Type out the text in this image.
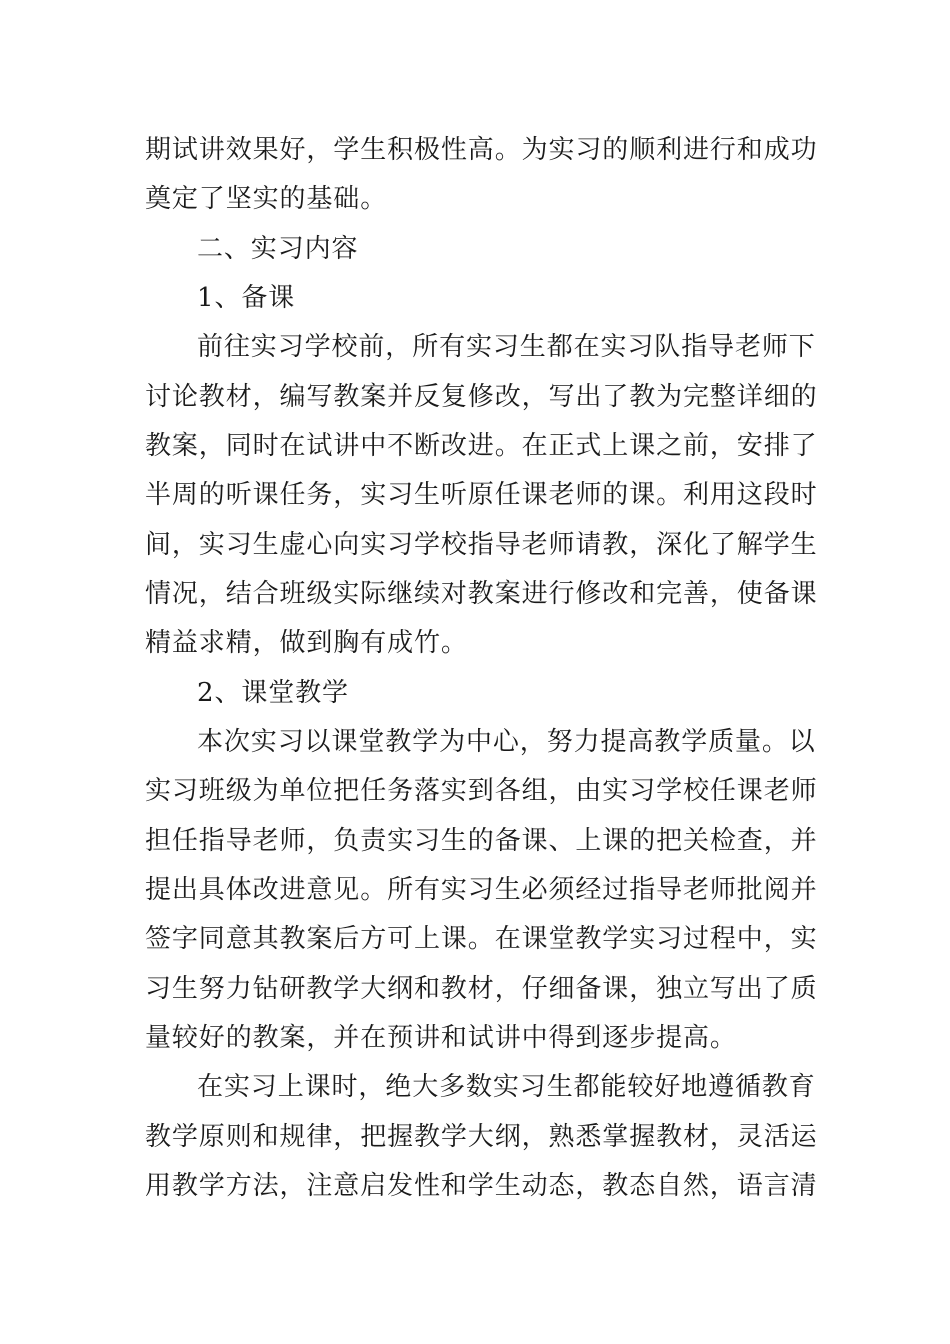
期试讲效果好，学生积极性高。为实习的顺利进行和成功
奠定了坚实的基础。
二、实习内容
1、备课
前往实习学校前，所有实习生都在实习队指导老师下
讨论教材，编写教案并反复修改，写出了教为完整详细的
教案，同时在试讲中不断改进。在正式上课之前，安排了
半周的听课任务，实习生听原任课老师的课。利用这段时
间，实习生虚心向实习学校指导老师请教，深化了解学生
情况，结合班级实际继续对教案进行修改和完善，使备课
精益求精，做到胸有成竹。
2、课堂教学
本次实习以课堂教学为中心，努力提高教学质量。以
实习班级为单位把任务落实到各组，由实习学校任课老师
担任指导老师，负责实习生的备课、上课的把关检查，并
提出具体改进意见。所有实习生必须经过指导老师批阅并
签字同意其教案后方可上课。在课堂教学实习过程中，实
习生努力钻研教学大纲和教材，仔细备课，独立写出了质
量较好的教案，并在预讲和试讲中得到逐步提高。
在实习上课时，绝大多数实习生都能较好地遵循教育
教学原则和规律，把握教学大纲，熟悉掌握教材，灵活运
用教学方法，注意启发性和学生动态，教态自然，语言清
